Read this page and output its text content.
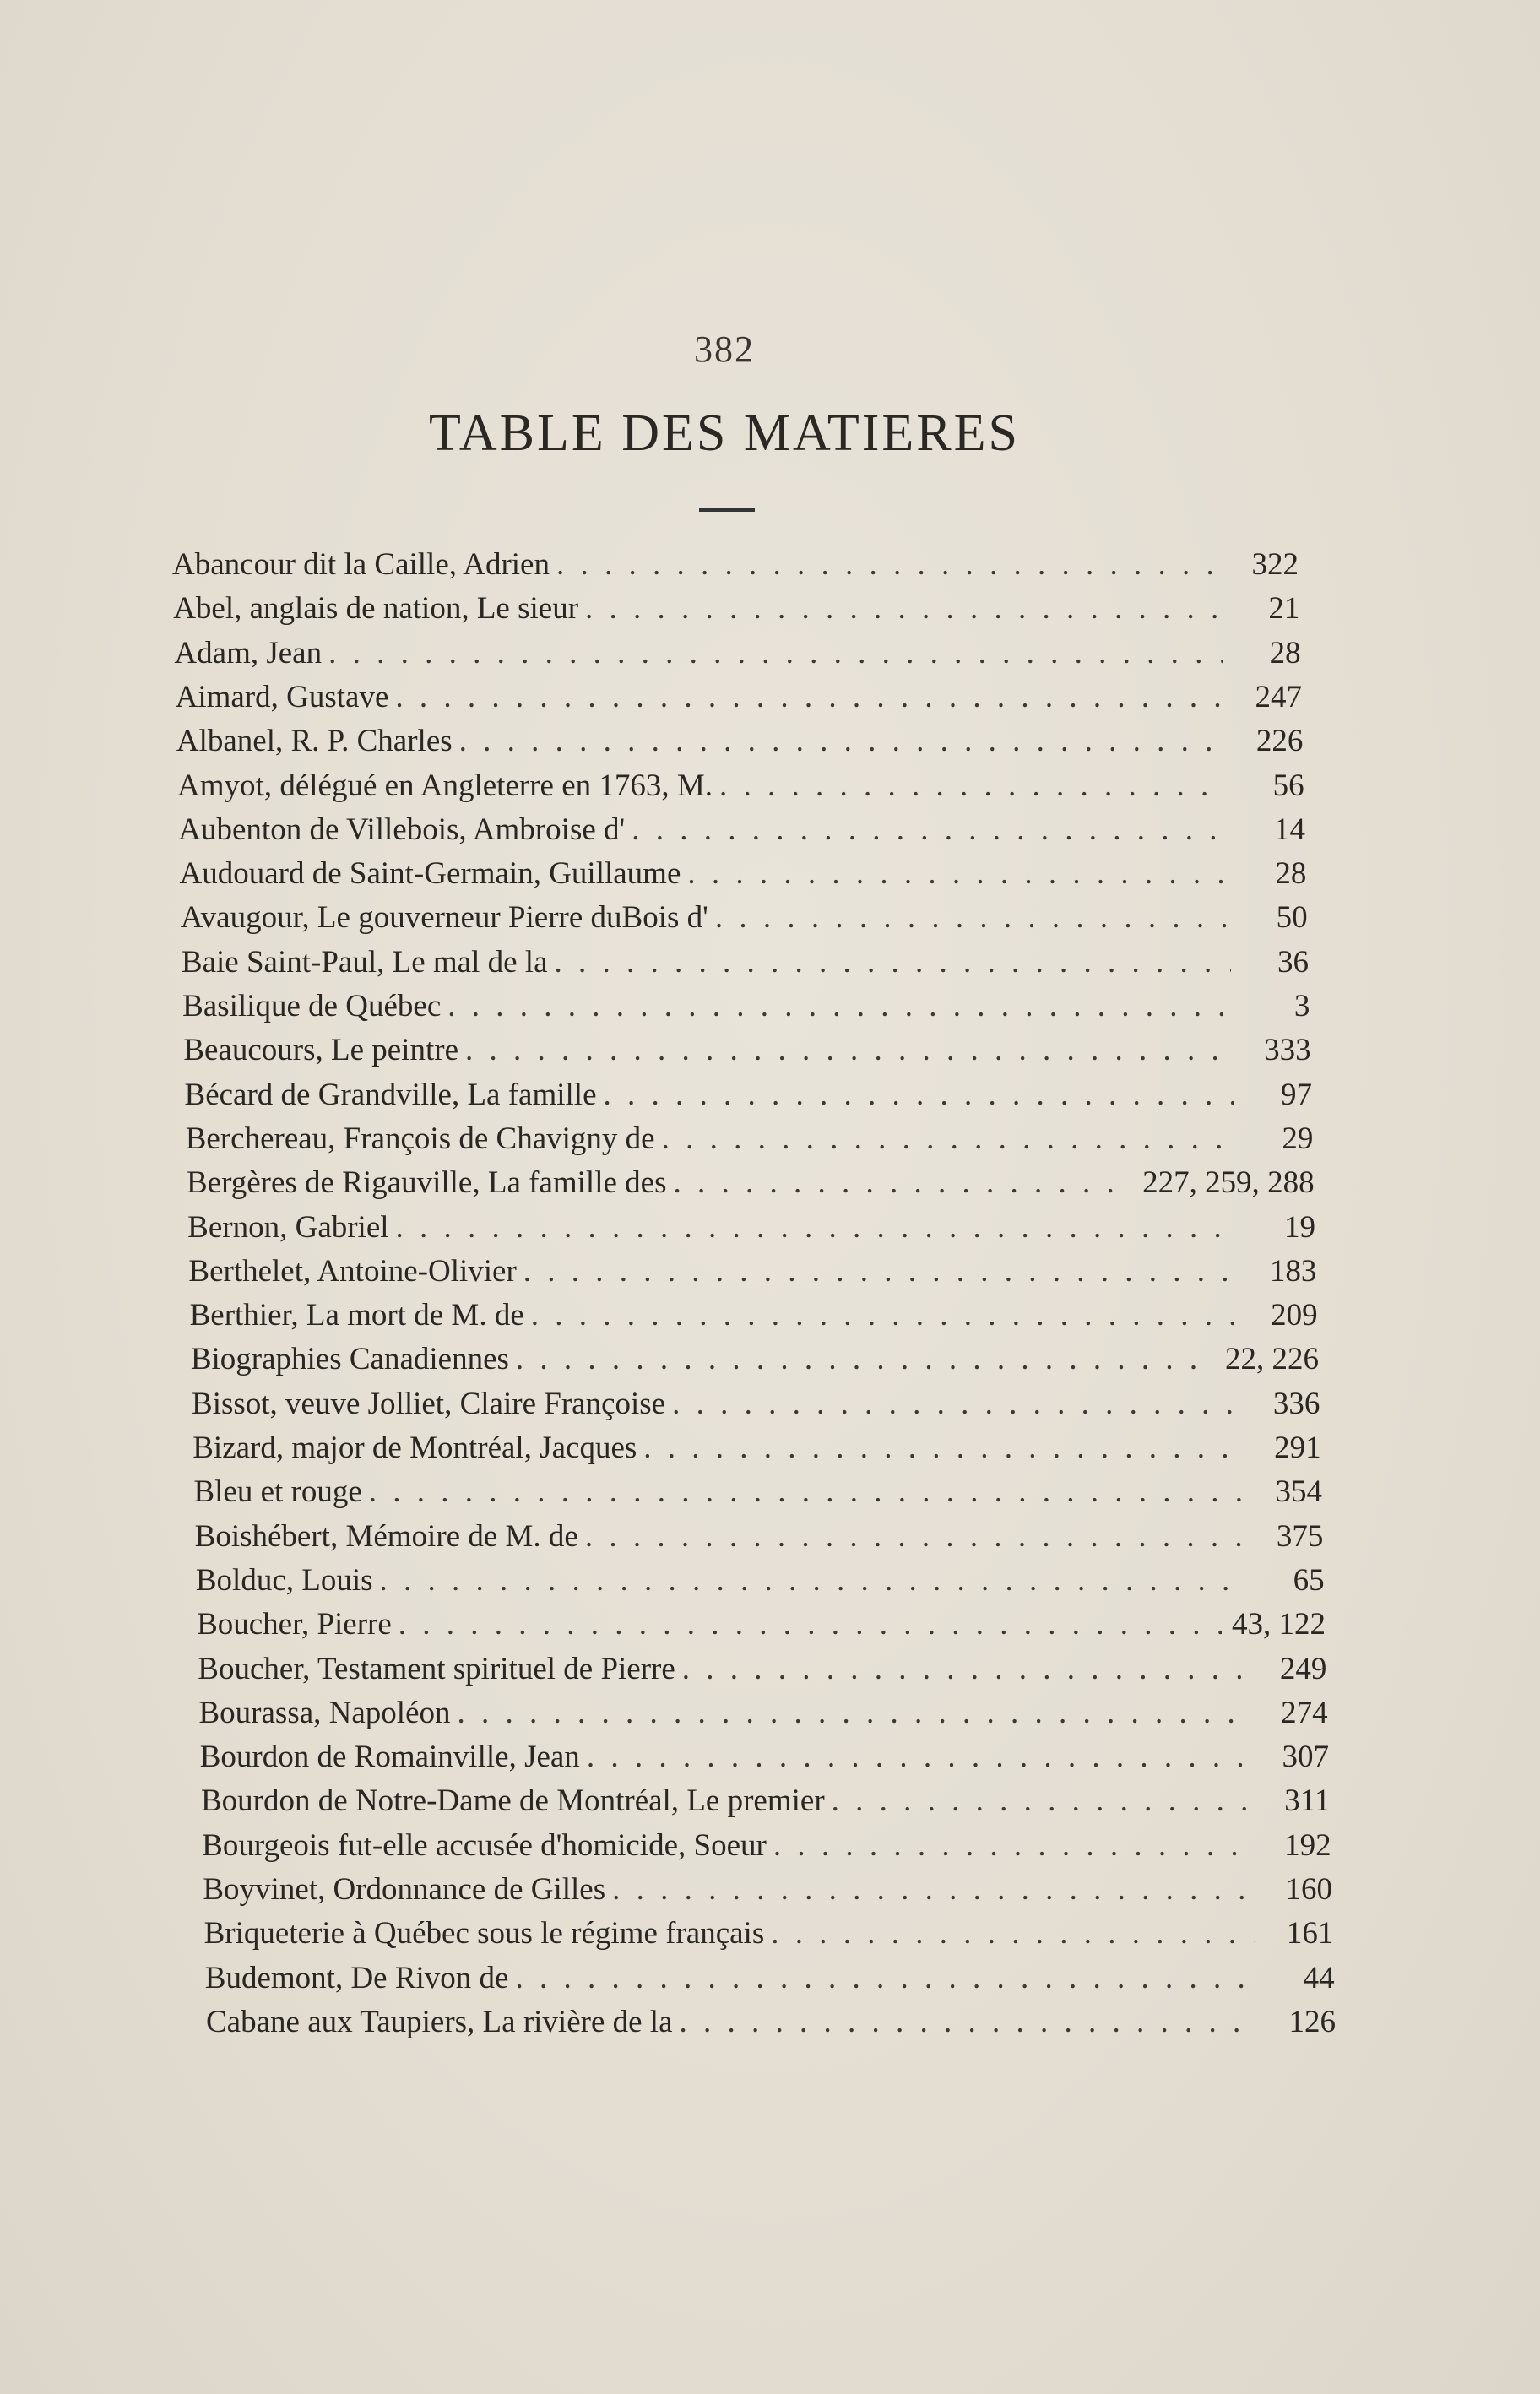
382
TABLE DES MATIERES
Abancour dit la Caille, Adrien . . .	322
Abel, anglais de nation, Le sieur . . .	21
Adam, Jean . . .	28
Aimard, Gustave . . .	247
Albanel, R. P. Charles . . .	226
Amyot, délégué en Angleterre en 1763, M. . . .	56
Aubenton de Villebois, Ambroise d' . . .	14
Audouard de Saint-Germain, Guillaume . . .	28
Avaugour, Le gouverneur Pierre duBois d' . . .	50
Baie Saint-Paul, Le mal de la . . .	36
Basilique de Québec . . .	3
Beaucours, Le peintre . . .	333
Bécard de Grandville, La famille . . .	97
Berchereau, François de Chavigny de . . .	29
Bergères de Rigauville, La famille des . . .	227, 259, 288
Bernon, Gabriel . . .	19
Berthelet, Antoine-Olivier . . .	183
Berthier, La mort de M. de . . .	209
Biographies Canadiennes . . .	22, 226
Bissot, veuve Jolliet, Claire Françoise . . .	336
Bizard, major de Montréal, Jacques . . .	291
Bleu et rouge . . .	354
Boishébert, Mémoire de M. de . . .	375
Bolduc, Louis . . .	65
Boucher, Pierre . . .	43, 122
Boucher, Testament spirituel de Pierre . . .	249
Bourassa, Napoléon . . .	274
Bourdon de Romainville, Jean . . .	307
Bourdon de Notre-Dame de Montréal, Le premier . . .	311
Bourgeois fut-elle accusée d'homicide, Soeur . . .	192
Boyvinet, Ordonnance de Gilles . . .	160
Briqueterie à Québec sous le régime français . . .	161
Budemont, De Rivon de . . .	44
Cabane aux Taupiers, La rivière de la . . .	126
